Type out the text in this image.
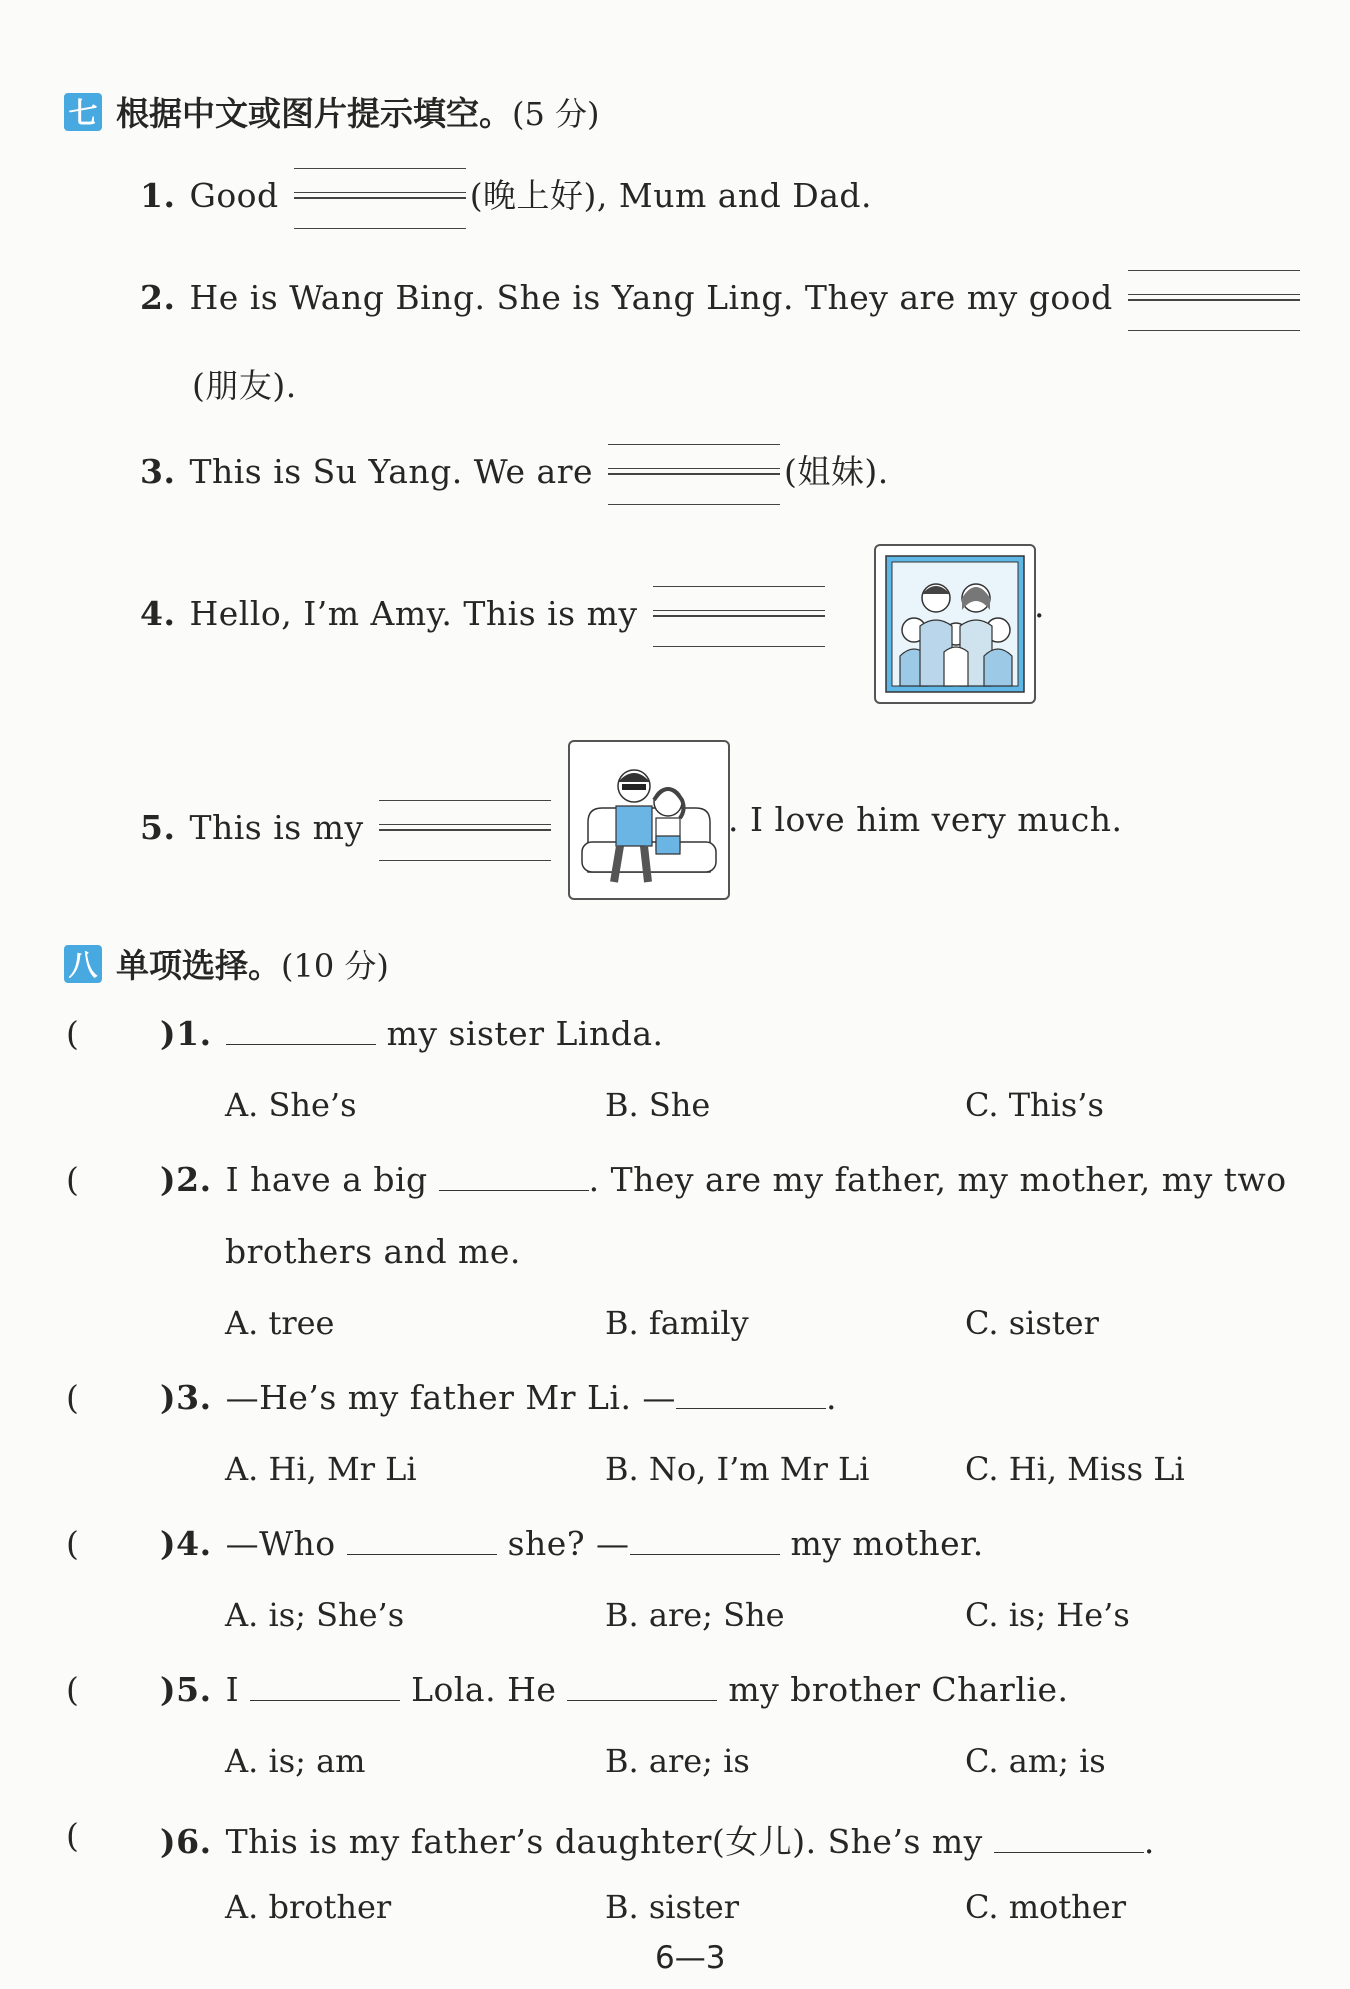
七 根据中文或图片提示填空。 (5 分)
1. Good	(晚上好), Mum and Dad.
2. He is Wang Bing. She is Yang Ling. They are my good
(朋友).
3. This is Su Yang. We are	(姐妹).
4. Hello, I’m Amy. This is my	.
5. This is my	. I love him very much.
八 单项选择。 (10 分)
( )1.	my sister Linda.
A. She’s	B. She	C. This’s
( )2. I have a big	. They are my father, my mother, my two
brothers and me.
A. tree	B. family	C. sister
( )3. —He’s my father Mr Li. —	.
A. Hi, Mr Li	B. No, I’m Mr Li	C. Hi, Miss Li
( )4. —Who	she? —	my mother.
A. is; She’s	B. are; She	C. is; He’s
( )5. I	Lola. He	my brother Charlie.
A. is; am	B. are; is	C. am; is
( )6. This is my father’s daughter(女儿). She’s my	.
A. brother	B. sister	C. mother
6—3
